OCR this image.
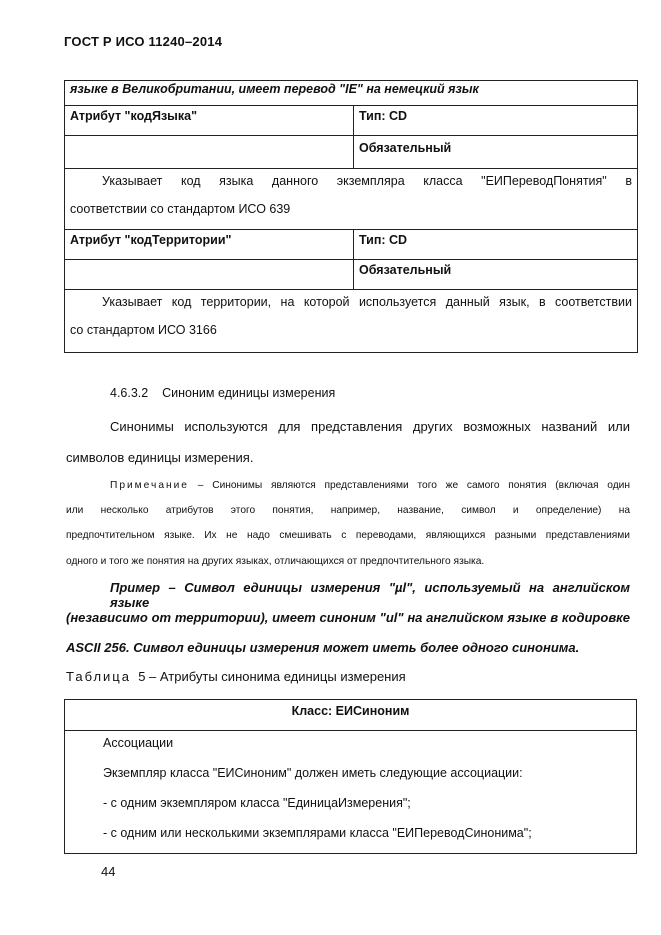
ГОСТ Р ИСО 11240–2014
языке в Великобритании, имеет перевод "IE" на немецкий язык	
Атрибут "кодЯзыка"	Тип: CD
	Обязательный

Указывает код языка данного экземпляра класса "ЕИПереводПонятия" в
соответствии со стандартом ИСО 639	

Атрибут "кодТерритории"	Тип: CD
	Обязательный

Указывает код территории, на которой используется данный язык, в соответствии
со стандартом ИСО 3166	
4.6.3.2 Синоним единицы измерения
Синонимы используются для представления других возможных названий или
символов единицы измерения.
Примечание – Синонимы являются представлениями того же самого понятия (включая один
или несколько атрибутов этого понятия, например, название, символ и определение) на
предпочтительном языке. Их не надо смешивать с переводами, являющихся разными представлениями
одного и того же понятия на других языках, отличающихся от предпочтительного языка.
Пример – Символ единицы измерения "µl", используемый на английском языке
(независимо от территории), имеет синоним "ul" на английском языке в кодировке
ASCII 256. Символ единицы измерения может иметь более одного синонима.
Таблица 5 – Атрибуты синонима единицы измерения
Класс: ЕИСиноним

Ассоциации
Экземпляр класса "ЕИСиноним" должен иметь следующие ассоциации:
- с одним экземпляром класса "ЕдиницаИзмерения";
- с одним или несколькими экземплярами класса "ЕИПереводСинонима";
44
